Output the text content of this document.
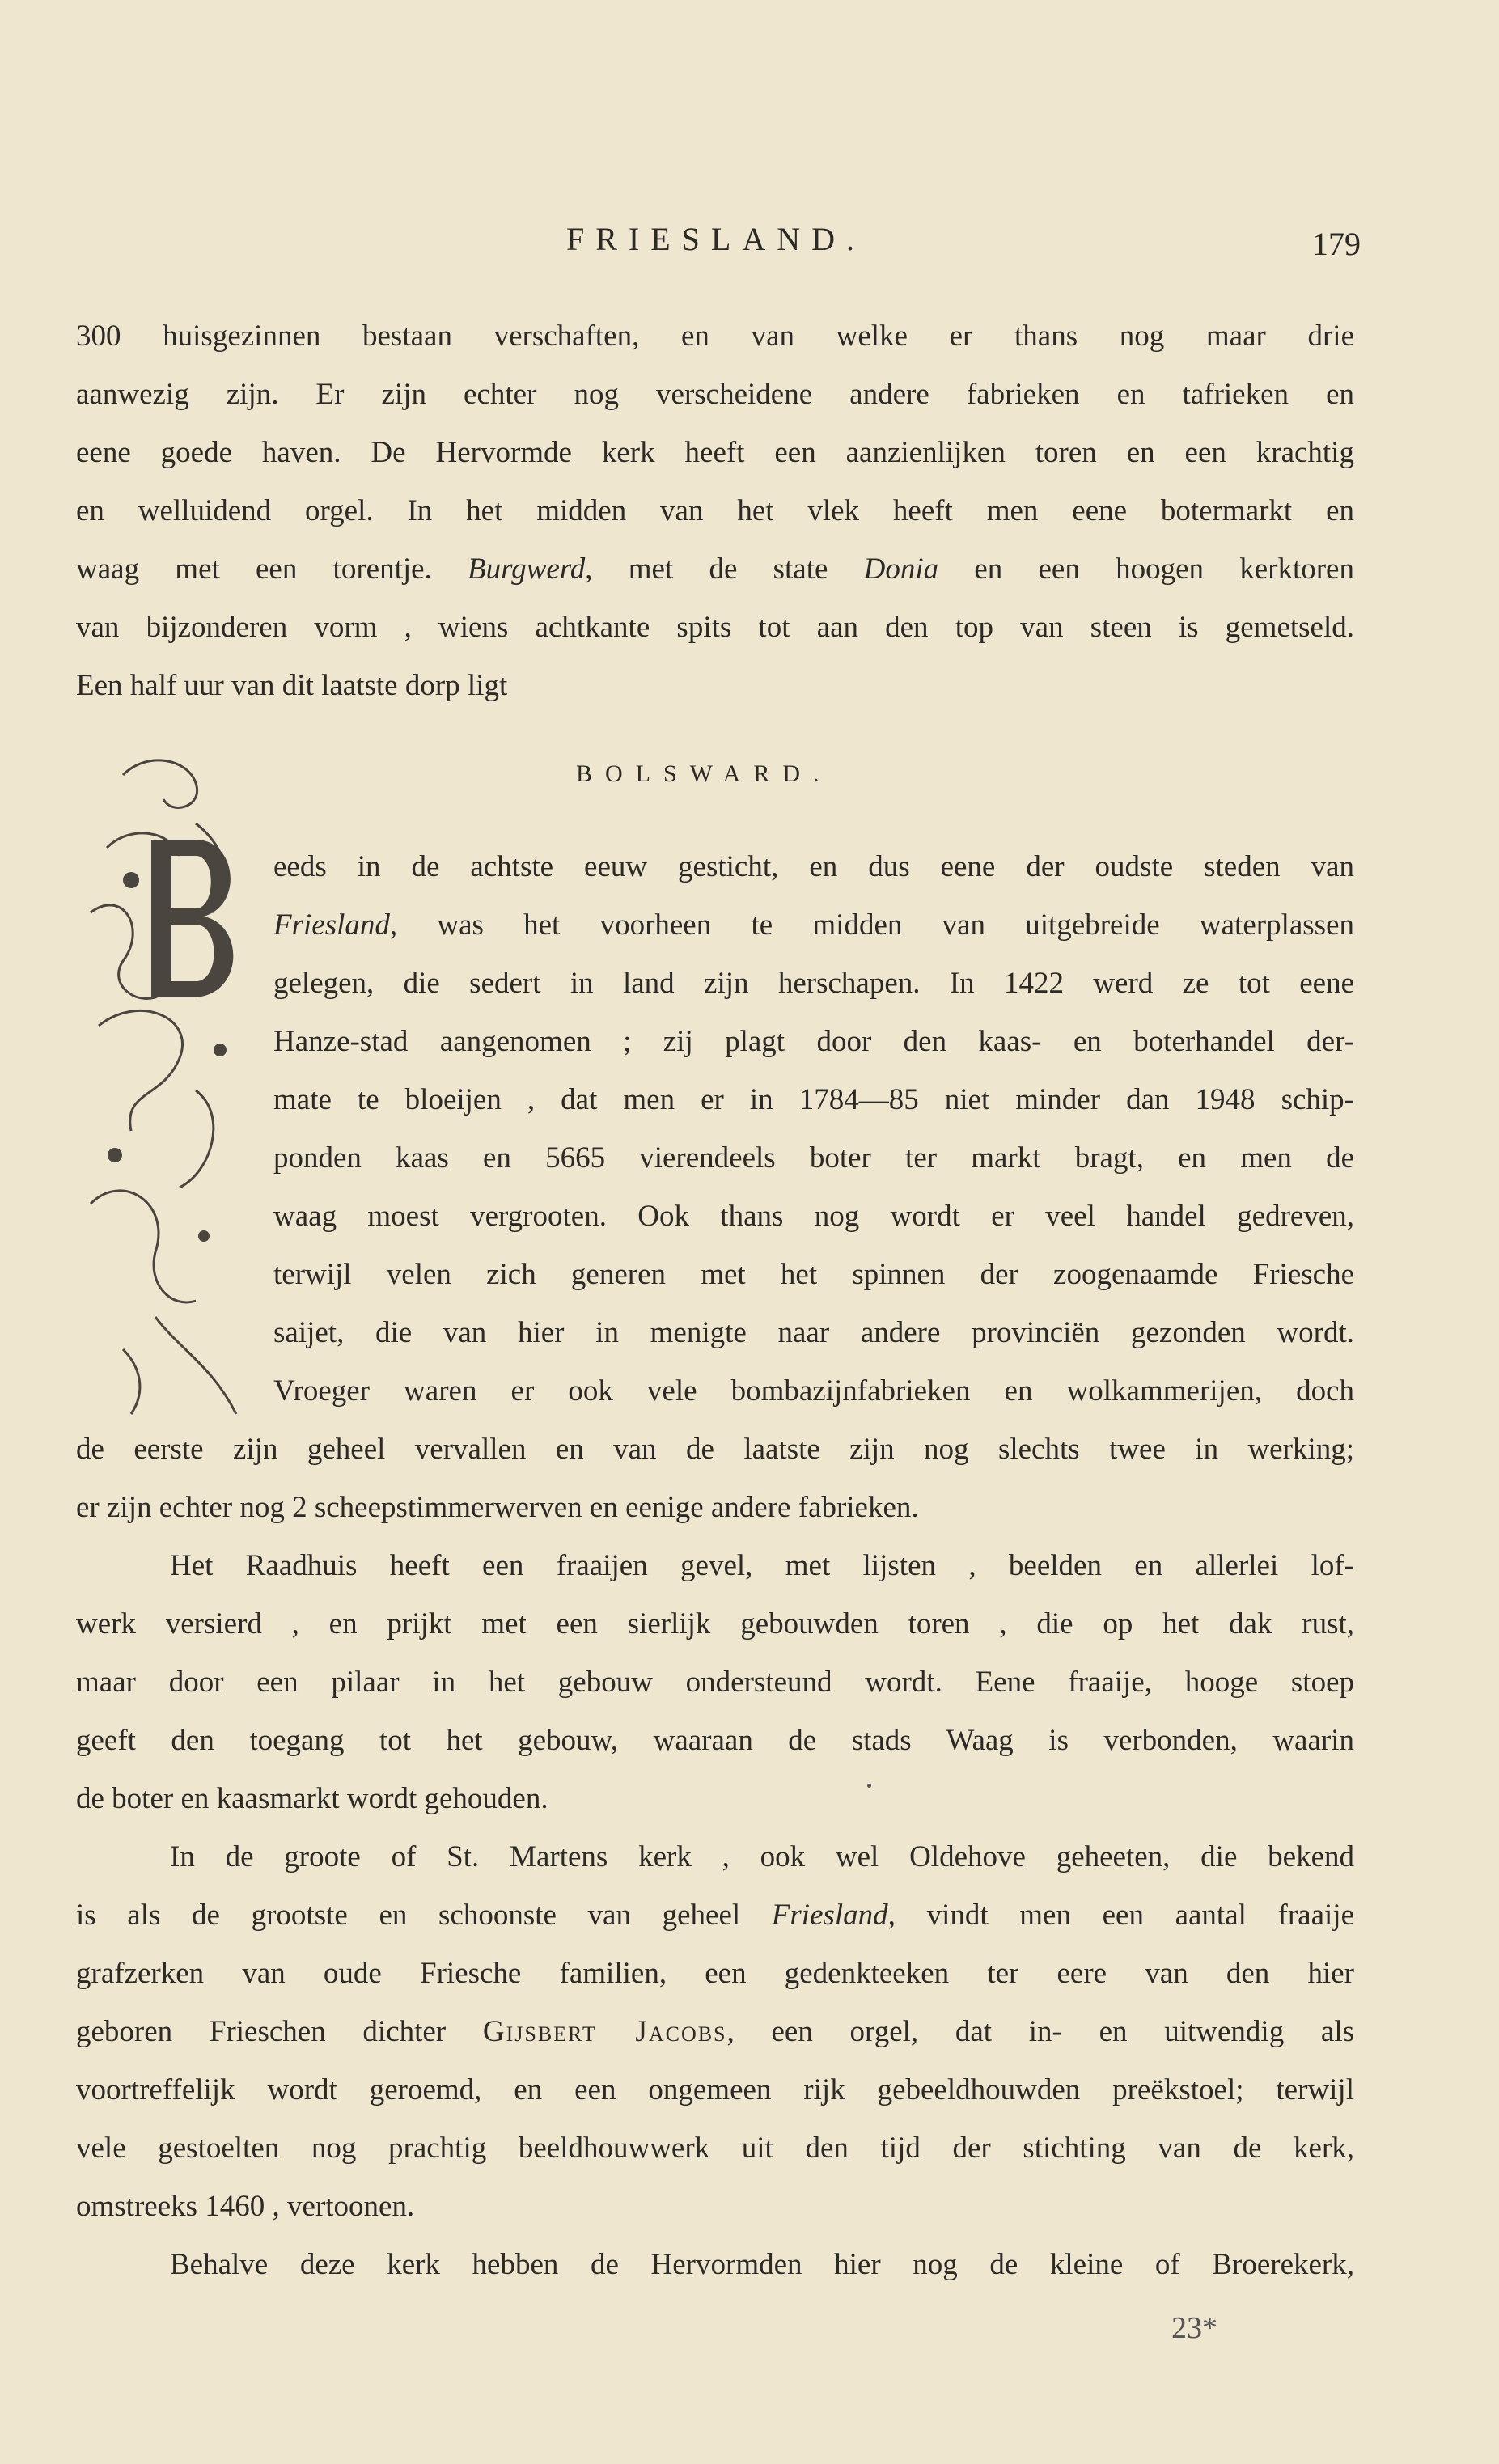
FRIESLAND.	179
300 huisgezinnen bestaan verschaften, en van welke er thans nog maar drie
aanwezig zijn. Er zijn echter nog verscheidene andere fabrieken en tafrieken en
eene goede haven. De Hervormde kerk heeft een aanzienlijken toren en een krachtig
en welluidend orgel. In het midden van het vlek heeft men eene botermarkt en
waag met een torentje. Burgwerd, met de state Donia en een hoogen kerktoren
van bijzonderen vorm , wiens achtkante spits tot aan den top van steen is gemetseld.
Een half uur van dit laatste dorp ligt
BOLSWARD.
eeds in de achtste eeuw gesticht, en dus eene der oudste steden van
Friesland, was het voorheen te midden van uitgebreide waterplassen
gelegen, die sedert in land zijn herschapen. In 1422 werd ze tot eene
Hanze-stad aangenomen ; zij plagt door den kaas- en boterhandel der-
mate te bloeijen , dat men er in 1784—85 niet minder dan 1948 schip-
ponden kaas en 5665 vierendeels boter ter markt bragt, en men de
waag moest vergrooten. Ook thans nog wordt er veel handel gedreven,
terwijl velen zich generen met het spinnen der zoogenaamde Friesche
saijet, die van hier in menigte naar andere provinciën gezonden wordt.
Vroeger waren er ook vele bombazijnfabrieken en wolkammerijen, doch
de eerste zijn geheel vervallen en van de laatste zijn nog slechts twee in werking;
er zijn echter nog 2 scheepstimmerwerven en eenige andere fabrieken.
Het Raadhuis heeft een fraaijen gevel, met lijsten , beelden en allerlei lof-
werk versierd , en prijkt met een sierlijk gebouwden toren , die op het dak rust,
maar door een pilaar in het gebouw ondersteund wordt. Eene fraaije, hooge stoep
geeft den toegang tot het gebouw, waaraan de stads Waag is verbonden, waarin
de boter en kaasmarkt wordt gehouden.
In de groote of St. Martens kerk , ook wel Oldehove geheeten, die bekend
is als de grootste en schoonste van geheel Friesland, vindt men een aantal fraaije
grafzerken van oude Friesche familien, een gedenkteeken ter eere van den hier
geboren Frieschen dichter Gijsbert Jacobs, een orgel, dat in- en uitwendig als
voortreffelijk wordt geroemd, en een ongemeen rijk gebeeldhouwden preëkstoel; terwijl
vele gestoelten nog prachtig beeldhouwwerk uit den tijd der stichting van de kerk,
omstreeks 1460 , vertoonen.
Behalve deze kerk hebben de Hervormden hier nog de kleine of Broerekerk,
23*
